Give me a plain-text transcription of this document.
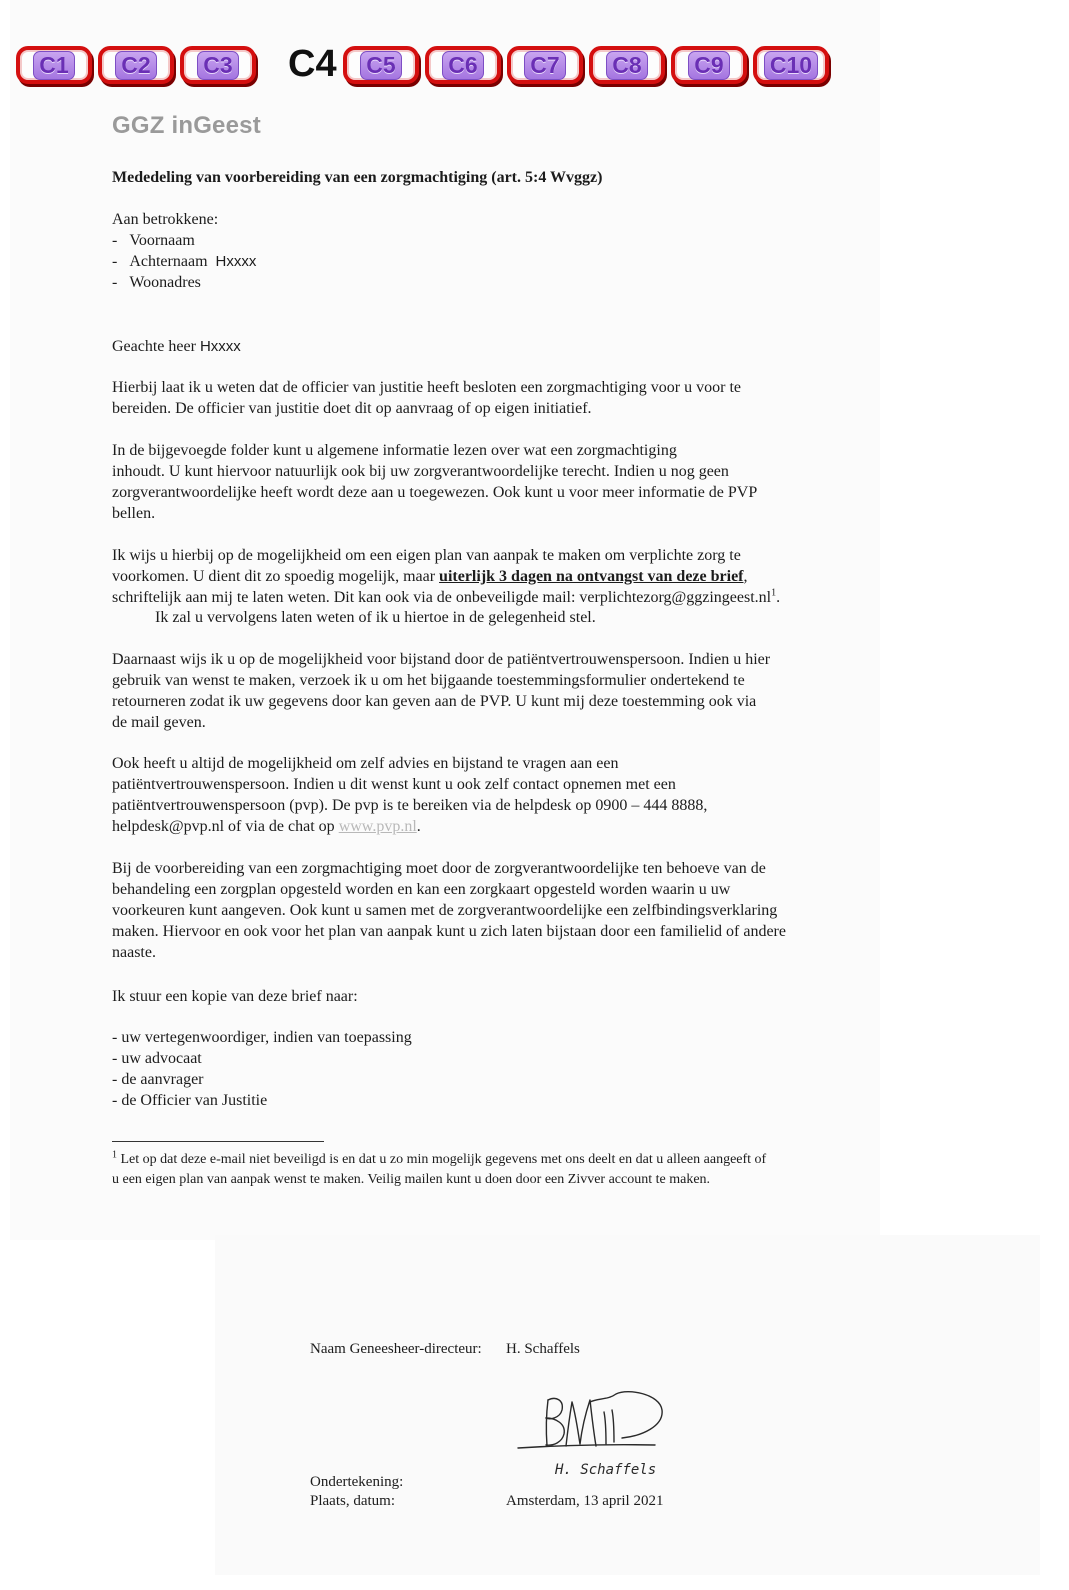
C1 C2 C3 C4	C5 C6 C7 C8 C9 C10
GGZ inGeest
Mededeling van voorbereiding van een zorgmachtiging (art. 5:4 Wvggz)
Aan betrokkene:
- Voornaam
- Achternaam Hxxxx
- Woonadres
Geachte heer Hxxxx
Hierbij laat ik u weten dat de officier van justitie heeft besloten een zorgmachtiging voor u voor te
bereiden. De officier van justitie doet dit op aanvraag of op eigen initiatief.
In de bijgevoegde folder kunt u algemene informatie lezen over wat een zorgmachtiging
inhoudt. U kunt hiervoor natuurlijk ook bij uw zorgverantwoordelijke terecht. Indien u nog geen
zorgverantwoordelijke heeft wordt deze aan u toegewezen. Ook kunt u voor meer informatie de PVP
bellen.
Ik wijs u hierbij op de mogelijkheid om een eigen plan van aanpak te maken om verplichte zorg te
voorkomen. U dient dit zo spoedig mogelijk, maar uiterlijk 3 dagen na ontvangst van deze brief,
schriftelijk aan mij te laten weten. Dit kan ook via de onbeveiligde mail: $verplichtezorg@ggzingeest.nl^1$.
Ik zal u vervolgens laten weten of ik u hiertoe in de gelegenheid stel.
Daarnaast wijs ik u op de mogelijkheid voor bijstand door de patiëntvertrouwenspersoon. Indien u hier
gebruik van wenst te maken, verzoek ik u om het bijgaande toestemmingsformulier ondertekend te
retourneren zodat ik uw gegevens door kan geven aan de PVP. U kunt mij deze toestemming ook via
de mail geven.
Ook heeft u altijd de mogelijkheid om zelf advies en bijstand te vragen aan een
patiëntvertrouwenspersoon. Indien u dit wenst kunt u ook zelf contact opnemen met een
patiëntvertrouwenspersoon (pvp). De pvp is te bereiken via de helpdesk op 0900 – 444 8888,
helpdesk@pvp.nl of via de chat op www.pvp.nl.
Bij de voorbereiding van een zorgmachtiging moet door de zorgverantwoordelijke ten behoeve van de
behandeling een zorgplan opgesteld worden en kan een zorgkaart opgesteld worden waarin u uw
voorkeuren kunt aangeven. Ook kunt u samen met de zorgverantwoordelijke een zelfbindingsverklaring
maken. Hiervoor en ook voor het plan van aanpak kunt u zich laten bijstaan door een familielid of andere
naaste.
Ik stuur een kopie van deze brief naar:
- uw vertegenwoordiger, indien van toepassing
- uw advocaat
- de aanvrager
- de Officier van Justitie
$^1$ Let op dat deze e-mail niet beveiligd is en dat u zo min mogelijk gegevens met ons deelt en dat u alleen aangeeft of
u een eigen plan van aanpak wenst te maken. Veilig mailen kunt u doen door een Zivver account te maken.
Naam Geneesheer-directeur: H. Schaffels
H. Schaffels
Ondertekening:
Plaats, datum:	Amsterdam, 13 april 2021
